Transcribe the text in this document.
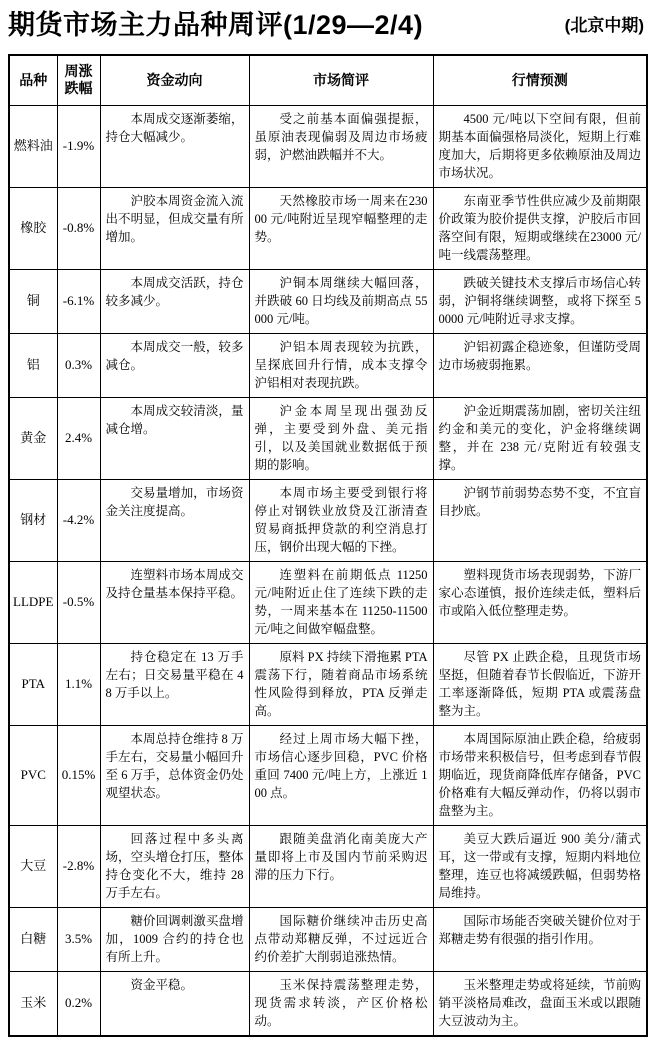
期货市场主力品种周评(1/29—2/4)	(北京中期)
品种	周涨跌幅	资金动向	市场简评	行情预测
燃料油	-1.9%	本周成交逐渐萎缩，持仓大幅减少。	受之前基本面偏强提振，虽原油表现偏弱及周边市场疲弱，沪燃油跌幅并不大。	4500 元/吨以下空间有限，但前期基本面偏强格局淡化，短期上行难度加大，后期将更多依赖原油及周边市场状况。

橡胶	-0.8%	沪胶本周资金流入流出不明显，但成交量有所增加。	天然橡胶市场一周来在23000 元/吨附近呈现窄幅整理的走势。	东南亚季节性供应减少及前期限价政策为胶价提供支撑，沪胶后市回落空间有限，短期或继续在23000 元/吨一线震荡整理。

铜	-6.1%	本周成交活跃，持仓较多减少。	沪铜本周继续大幅回落，并跌破 60 日均线及前期高点 55000 元/吨。	跌破关键技术支撑后市场信心转弱，沪铜将继续调整，或将下探至 50000 元/吨附近寻求支撑。

铝	0.3%	本周成交一般，较多减仓。	沪铝本周表现较为抗跌，呈探底回升行情，成本支撑令沪铝相对表现抗跌。	沪铝初露企稳迹象，但谨防受周边市场疲弱拖累。

黄金	2.4%	本周成交较清淡，量减仓增。	沪金本周呈现出强劲反弹，主要受到外盘、美元指引，以及美国就业数据低于预期的影响。	沪金近期震荡加剧，密切关注纽约金和美元的变化，沪金将继续调整，并在 238 元/克附近有较强支撑。

钢材	-4.2%	交易量增加，市场资金关注度提高。	本周市场主要受到银行将停止对钢铁业放贷及江浙清查贸易商抵押贷款的利空消息打压，钢价出现大幅的下挫。	沪钢节前弱势态势不变，不宜盲目抄底。

LLDPE	-0.5%	连塑料市场本周成交及持仓量基本保持平稳。	连塑料在前期低点 11250 元/吨附近止住了连续下跌的走势，一周来基本在 11250-11500 元/吨之间做窄幅盘整。	塑料现货市场表现弱势，下游厂家心态谨慎，报价连续走低，塑料后市或陷入低位整理走势。

PTA	1.1%	持仓稳定在 13 万手左右；日交易量平稳在 48 万手以上。	原料 PX 持续下滑拖累 PTA 震荡下行，随着商品市场系统性风险得到释放，PTA 反弹走高。	尽管 PX 止跌企稳，且现货市场坚挺，但随着春节长假临近，下游开工率逐渐降低，短期 PTA 或震荡盘整为主。

PVC	0.15%	本周总持仓维持 8 万手左右，交易量小幅回升至 6 万手，总体资金仍处观望状态。	经过上周市场大幅下挫，市场信心逐步回稳，PVC 价格重回 7400 元/吨上方，上涨近 100 点。	本周国际原油止跌企稳，给疲弱市场带来积极信号，但考虑到春节假期临近，现货商降低库存储备，PVC 价格难有大幅反弹动作，仍将以弱市盘整为主。

大豆	-2.8%	回落过程中多头离场，空头增仓打压，整体持仓变化不大，维持 28 万手左右。	跟随美盘消化南美庞大产量即将上市及国内节前采购迟滞的压力下行。	美豆大跌后逼近 900 美分/蒲式耳，这一带或有支撑，短期内料地位整理，连豆也将减缓跌幅，但弱势格局维持。

白糖	3.5%	糖价回调刺激买盘增加，1009 合约的持仓也有所上升。	国际糖价继续冲击历史高点带动郑糖反弹，不过远近合约价差扩大削弱追涨热情。	国际市场能否突破关键价位对于郑糖走势有很强的指引作用。

玉米	0.2%	资金平稳。	玉米保持震荡整理走势，现货需求转淡，产区价格松动。	玉米整理走势或将延续，节前购销平淡格局难改，盘面玉米或以跟随大豆波动为主。
